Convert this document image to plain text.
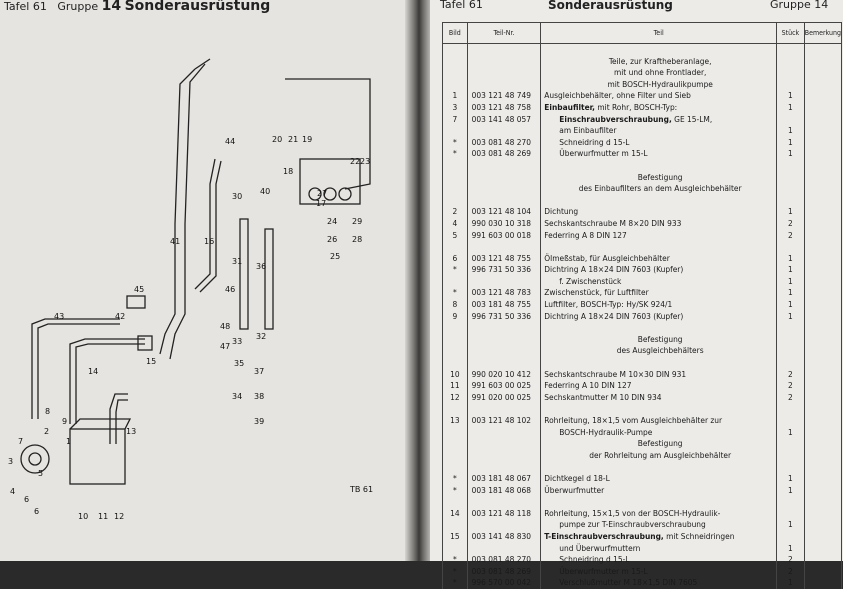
Tafel 61 Gruppe 14 Sonderausrüstung
7
8
9
2
3
5
4
6
6
1
10 11 12
13
14
15
16
17
18
19
20 21
22 23
24
25
26
27
28
29
30
31
32
33
34
35
36
37
38
39
40
41
42
43
44
45	46
47
48
TB 61
Tafel 61	Sonderausrüstung	Gruppe 14
Bild	Teil-Nr.	Teil	Stück	Bemerkung

		Teile, zur Kraftheberanlage,		
		mit und ohne Frontlader,		
		mit BOSCH-Hydraulikpumpe		
1	003 121 48 749	Ausgleichbehälter, ohne Filter und Sieb	1	
3	003 121 48 758	Einbaufilter, mit Rohr, BOSCH-Typ:	1	
7	003 141 48 057	Einschraubverschraubung, GE 15-LM,		
		am Einbaufilter	1	
*	003 081 48 270	Schneidring d 15-L	1	
*	003 081 48 269	Überwurfmutter m 15-L	1	

		Befestigung		
		des Einbaufilters an dem Ausgleichbehälter		

2	003 121 48 104	Dichtung	1	
4	990 030 10 318	Sechskantschraube M 8×20 DIN 933	2	
5	991 603 00 018	Federring A 8 DIN 127	2	

6	003 121 48 755	Ölmeßstab, für Ausgleichbehälter	1	
*	996 731 50 336	Dichtring A 18×24 DIN 7603 (Kupfer)	1	
		f. Zwischenstück	1	
*	003 121 48 783	Zwischenstück, für Luftfilter	1	
8	003 181 48 755	Luftfilter, BOSCH-Typ: Hy/SK 924/1	1	
9	996 731 50 336	Dichtring A 18×24 DIN 7603 (Kupfer)	1	

		Befestigung		
		des Ausgleichbehälters		

10	990 020 10 412	Sechskantschraube M 10×30 DIN 931	2	
11	991 603 00 025	Federring A 10 DIN 127	2	
12	991 020 00 025	Sechskantmutter M 10 DIN 934	2	

13	003 121 48 102	Rohrleitung, 18×1,5 vom Ausgleichbehälter zur		
		BOSCH-Hydraulik-Pumpe	1	
		Befestigung		
		der Rohrleitung am Ausgleichbehälter		

*	003 181 48 067	Dichtkegel d 18-L	1	
*	003 181 48 068	Überwurfmutter	1	

14	003 121 48 118	Rohrleitung, 15×1,5 von der BOSCH-Hydraulik-		
		pumpe zur T-Einschraubverschraubung	1	
15	003 141 48 830	T-Einschraubverschraubung, mit Schneidringen		
		und Überwurfmuttern	1	
*	003 081 48 270	Schneidring d 15-L	2	
*	003 081 48 269	Überwurfmutter m 15-L	2	
*	996 570 00 042	Verschlußmutter M 18×1,5 DIN 7605	1	
